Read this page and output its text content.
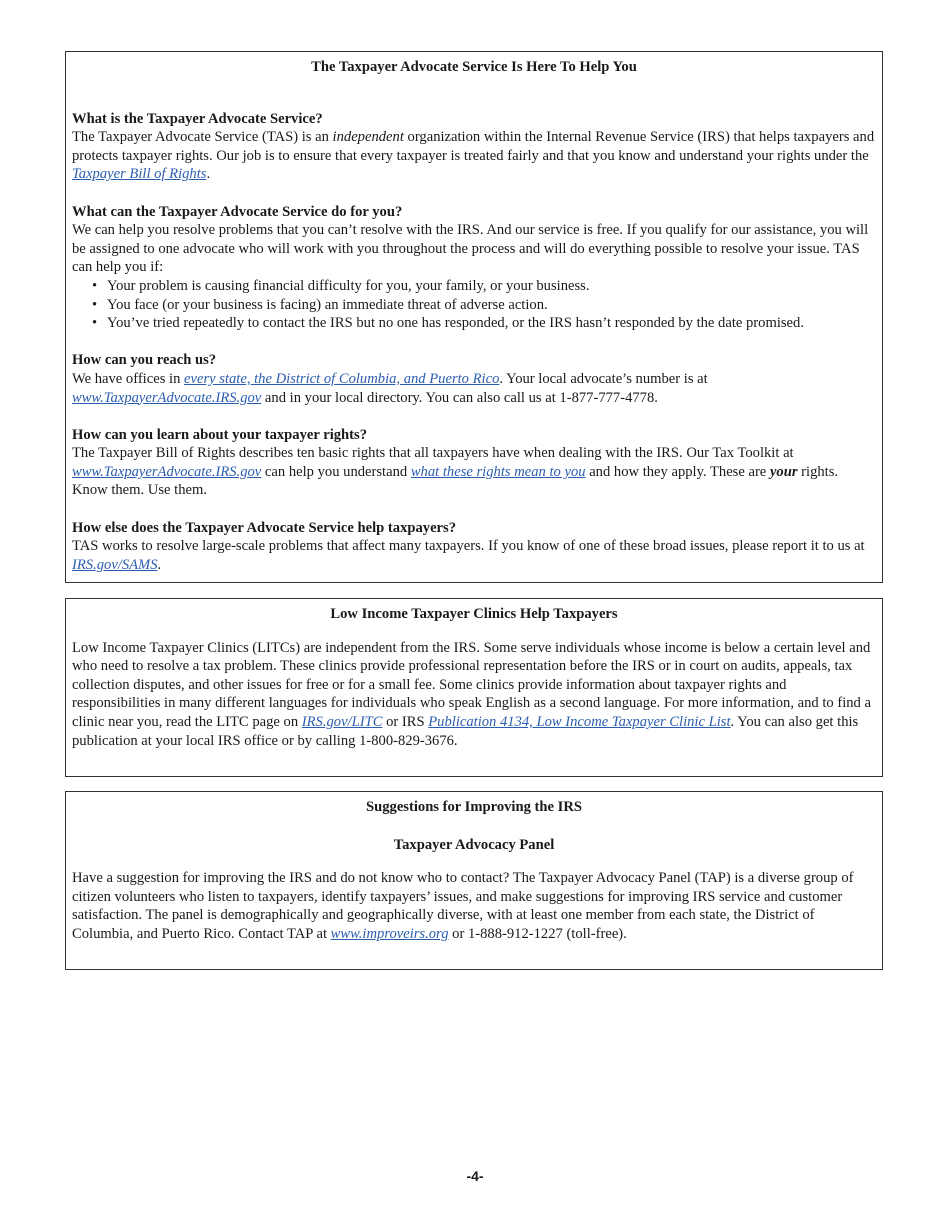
The Taxpayer Advocate Service Is Here To Help You

What is the Taxpayer Advocate Service?

The Taxpayer Advocate Service (TAS) is an independent organization within the Internal Revenue Service (IRS) that helps taxpayers and protects taxpayer rights. Our job is to ensure that every taxpayer is treated fairly and that you know and understand your rights under the Taxpayer Bill of Rights.

What can the Taxpayer Advocate Service do for you?

We can help you resolve problems that you can’t resolve with the IRS. And our service is free. If you qualify for our assistance, you will be assigned to one advocate who will work with you throughout the process and will do everything possible to resolve your issue. TAS can help you if:

• Your problem is causing financial difficulty for you, your family, or your business.
• You face (or your business is facing) an immediate threat of adverse action.
• You’ve tried repeatedly to contact the IRS but no one has responded, or the IRS hasn’t responded by the date promised.
How can you reach us?

We have offices in every state, the District of Columbia, and Puerto Rico. Your local advocate’s number is at www.TaxpayerAdvocate.IRS.gov and in your local directory. You can also call us at 1-877-777-4778.

How can you learn about your taxpayer rights?

The Taxpayer Bill of Rights describes ten basic rights that all taxpayers have when dealing with the IRS. Our Tax Toolkit at www.TaxpayerAdvocate.IRS.gov can help you understand what these rights mean to you and how they apply. These are your rights. Know them. Use them.

How else does the Taxpayer Advocate Service help taxpayers?

TAS works to resolve large-scale problems that affect many taxpayers. If you know of one of these broad issues, please report it to us at IRS.gov/SAMS.

Low Income Taxpayer Clinics Help Taxpayers

Low Income Taxpayer Clinics (LITCs) are independent from the IRS. Some serve individuals whose income is below a certain level and who need to resolve a tax problem. These clinics provide professional representation before the IRS or in court on audits, appeals, tax collection disputes, and other issues for free or for a small fee. Some clinics provide information about taxpayer rights and responsibilities in many different languages for individuals who speak English as a second language. For more information, and to find a clinic near you, read the LITC page on IRS.gov/LITC or IRS Publication 4134, Low Income Taxpayer Clinic List. You can also get this publication at your local IRS office or by calling 1-800-829-3676.

Suggestions for Improving the IRS

Taxpayer Advocacy Panel

Have a suggestion for improving the IRS and do not know who to contact? The Taxpayer Advocacy Panel (TAP) is a diverse group of citizen volunteers who listen to taxpayers, identify taxpayers’ issues, and make suggestions for improving IRS service and customer satisfaction. The panel is demographically and geographically diverse, with at least one member from each state, the District of Columbia, and Puerto Rico. Contact TAP at www.improveirs.org or 1-888-912-1227 (toll-free).

-4-
